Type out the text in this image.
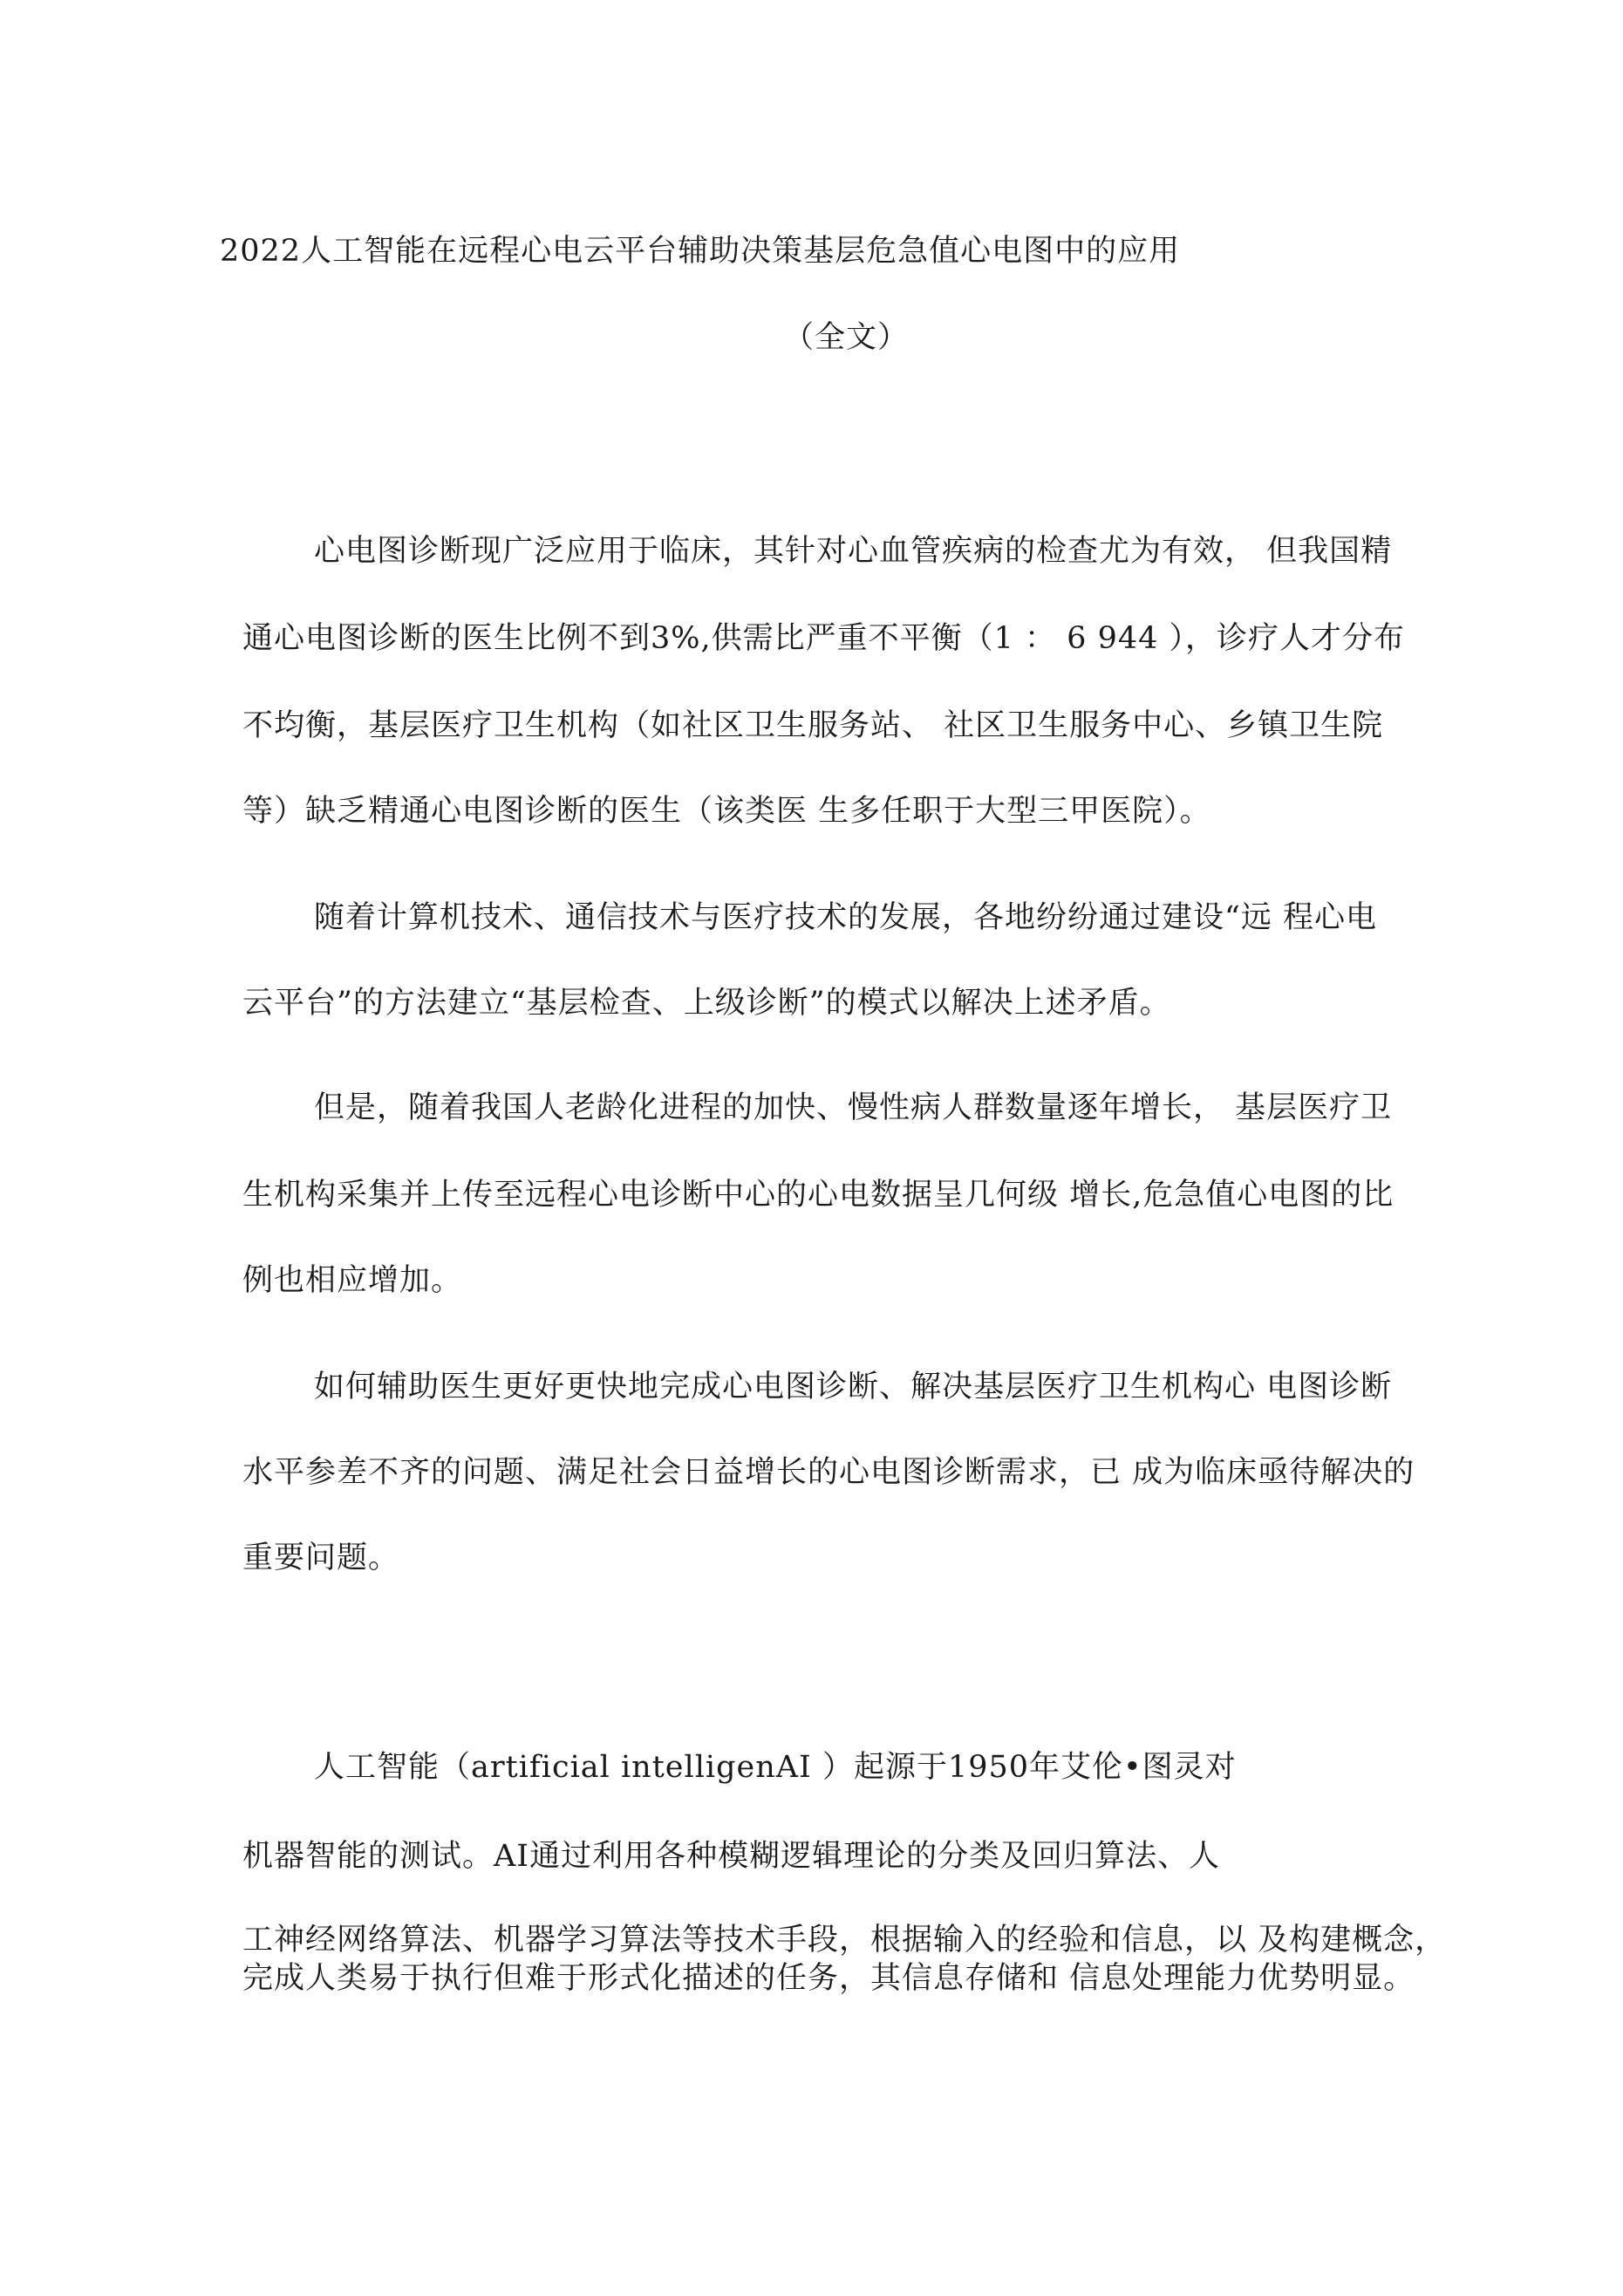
2022人工智能在远程心电云平台辅助决策基层危急值心电图中的应用

（全文）

心电图诊断现广泛应用于临床，其针对心血管疾病的检查尤为有效， 但我国精

通心电图诊断的医生比例不到3%,供需比严重不平衡（1 ： 6 944 ），诊疗人才分布

不均衡，基层医疗卫生机构（如社区卫生服务站、 社区卫生服务中心、乡镇卫生院

等）缺乏精通心电图诊断的医生（该类医 生多任职于大型三甲医院）。

随着计算机技术、通信技术与医疗技术的发展，各地纷纷通过建设“远 程心电

云平台”的方法建立“基层检查、上级诊断”的模式以解决上述矛盾。

但是，随着我国人老龄化进程的加快、慢性病人群数量逐年增长， 基层医疗卫

生机构采集并上传至远程心电诊断中心的心电数据呈几何级 增长,危急值心电图的比

例也相应增加。

如何辅助医生更好更快地完成心电图诊断、解决基层医疗卫生机构心 电图诊断

水平参差不齐的问题、满足社会日益增长的心电图诊断需求，已 成为临床亟待解决的

重要问题。

人工智能（artificial intelligenAI ）起源于1950年艾伦•图灵对

机器智能的测试。AI通过利用各种模糊逻辑理论的分类及回归算法、人

工神经网络算法、机器学习算法等技术手段，根据输入的经验和信息，以 及构建概念，完成人类易于执行但难于形式化描述的任务，其信息存储和 信息处理能力优势明显。
